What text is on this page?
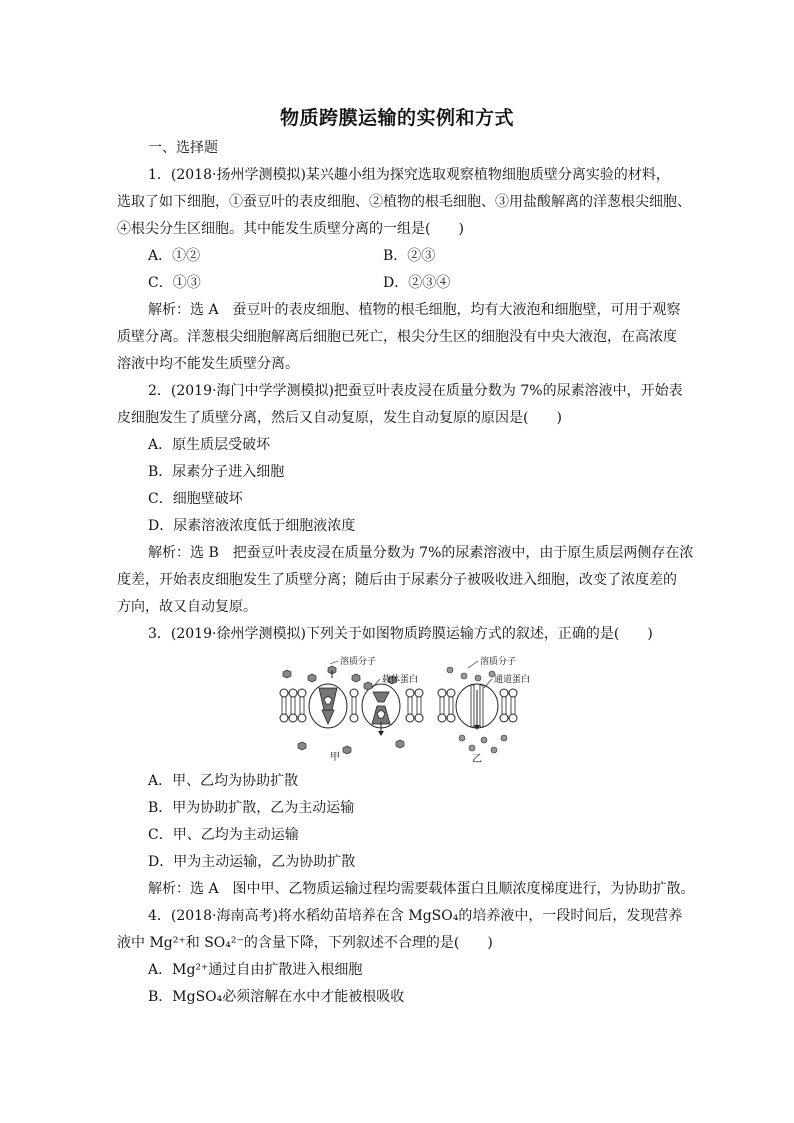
物质跨膜运输的实例和方式
一、选择题
1．(2018·扬州学测模拟)某兴趣小组为探究选取观察植物细胞质壁分离实验的材料，
选取了如下细胞，①蚕豆叶的表皮细胞、②植物的根毛细胞、③用盐酸解离的洋葱根尖细胞、
④根尖分生区细胞。其中能发生质壁分离的一组是(　　)
A．①②	B．②③
C．①③	D．②③④
解析：选 A　蚕豆叶的表皮细胞、植物的根毛细胞，均有大液泡和细胞壁，可用于观察
质壁分离。洋葱根尖细胞解离后细胞已死亡，根尖分生区的细胞没有中央大液泡，在高浓度
溶液中均不能发生质壁分离。
2．(2019·海门中学学测模拟)把蚕豆叶表皮浸在质量分数为 7%的尿素溶液中，开始表
皮细胞发生了质壁分离，然后又自动复原，发生自动复原的原因是(　　)
A．原生质层受破坏
B．尿素分子进入细胞
C．细胞壁破坏
D．尿素溶液浓度低于细胞液浓度
解析：选 B　把蚕豆叶表皮浸在质量分数为 7%的尿素溶液中，由于原生质层两侧存在浓
度差，开始表皮细胞发生了质壁分离；随后由于尿素分子被吸收进入细胞，改变了浓度差的
方向，故又自动复原。
3．(2019·徐州学测模拟)下列关于如图物质跨膜运输方式的叙述，正确的是(　　)
溶质分子
载体蛋白
甲
溶质分子
通道蛋白
乙
A．甲、乙均为协助扩散
B．甲为协助扩散，乙为主动运输
C．甲、乙均为主动运输
D．甲为主动运输，乙为协助扩散
解析：选 A　图中甲、乙物质运输过程均需要载体蛋白且顺浓度梯度进行，为协助扩散。
4．(2018·海南高考)将水稻幼苗培养在含 MgSO₄的培养液中，一段时间后，发现营养
液中 Mg²⁺和 SO₄²⁻的含量下降，下列叙述不合理的是(　　)
A．Mg²⁺通过自由扩散进入根细胞
B．MgSO₄必须溶解在水中才能被根吸收
